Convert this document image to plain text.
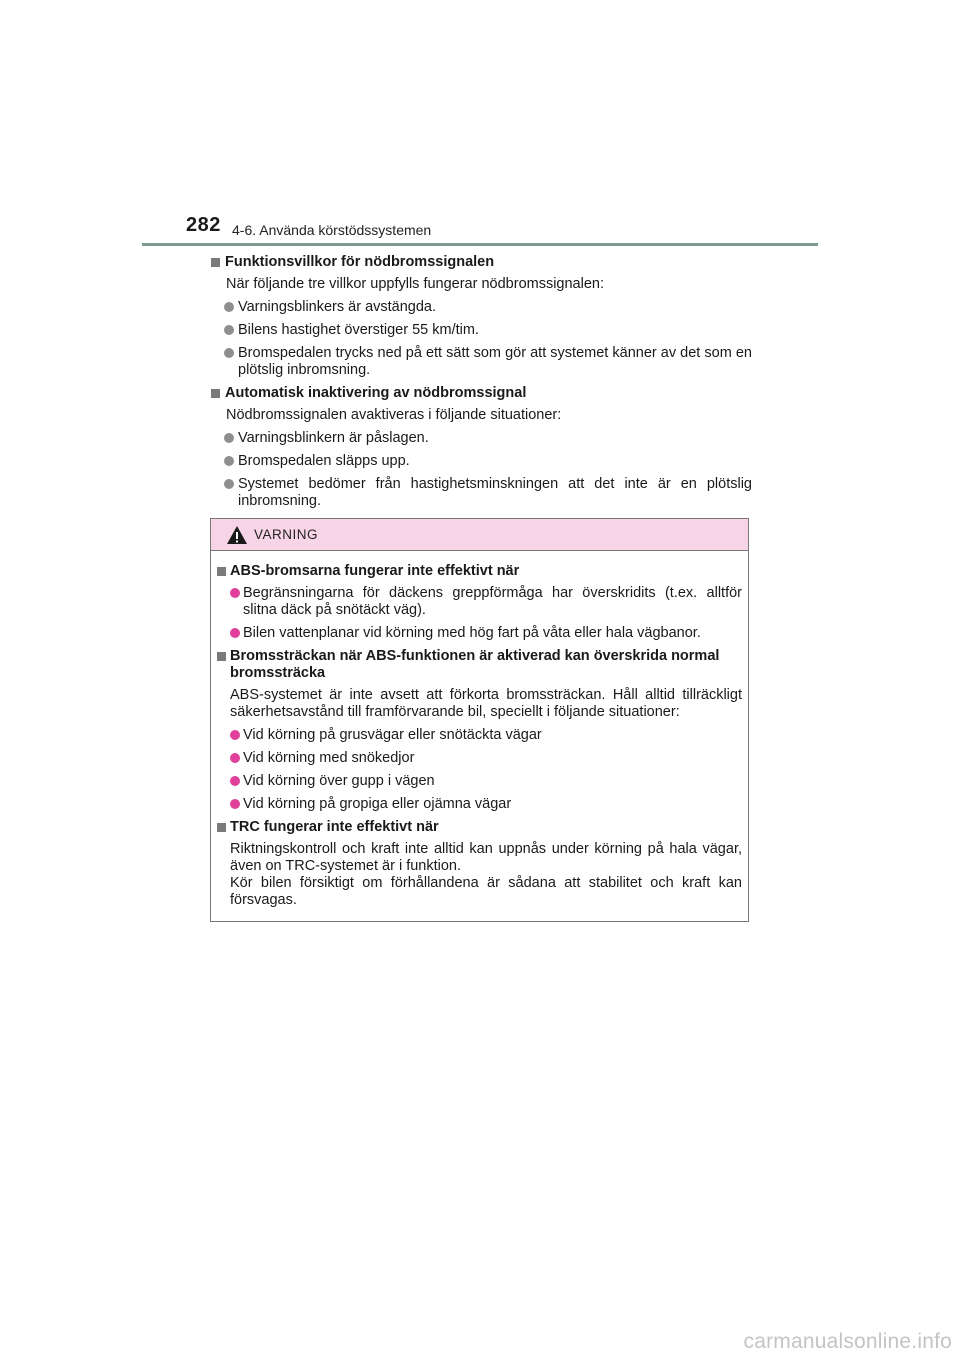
282 4-6. Använda körstödssystemen
Funktionsvillkor för nödbromssignalen
När följande tre villkor uppfylls fungerar nödbromssignalen:
Varningsblinkers är avstängda.
Bilens hastighet överstiger 55 km/tim.
Bromspedalen trycks ned på ett sätt som gör att systemet känner av det som en plötslig inbromsning.
Automatisk inaktivering av nödbromssignal
Nödbromssignalen avaktiveras i följande situationer:
Varningsblinkern är påslagen.
Bromspedalen släpps upp.
Systemet bedömer från hastighetsminskningen att det inte är en plötslig inbromsning.
VARNING
ABS-bromsarna fungerar inte effektivt när
Begränsningarna för däckens greppförmåga har överskridits (t.ex. alltför slitna däck på snötäckt väg).
Bilen vattenplanar vid körning med hög fart på våta eller hala vägbanor.
Bromssträckan när ABS-funktionen är aktiverad kan överskrida normal bromssträcka
ABS-systemet är inte avsett att förkorta bromssträckan. Håll alltid tillräckligt säkerhetsavstånd till framförvarande bil, speciellt i följande situationer:
Vid körning på grusvägar eller snötäckta vägar
Vid körning med snökedjor
Vid körning över gupp i vägen
Vid körning på gropiga eller ojämna vägar
TRC fungerar inte effektivt när
Riktningskontroll och kraft inte alltid kan uppnås under körning på hala vägar, även on TRC-systemet är i funktion.
Kör bilen försiktigt om förhållandena är sådana att stabilitet och kraft kan försvagas.
carmanualsonline.info
